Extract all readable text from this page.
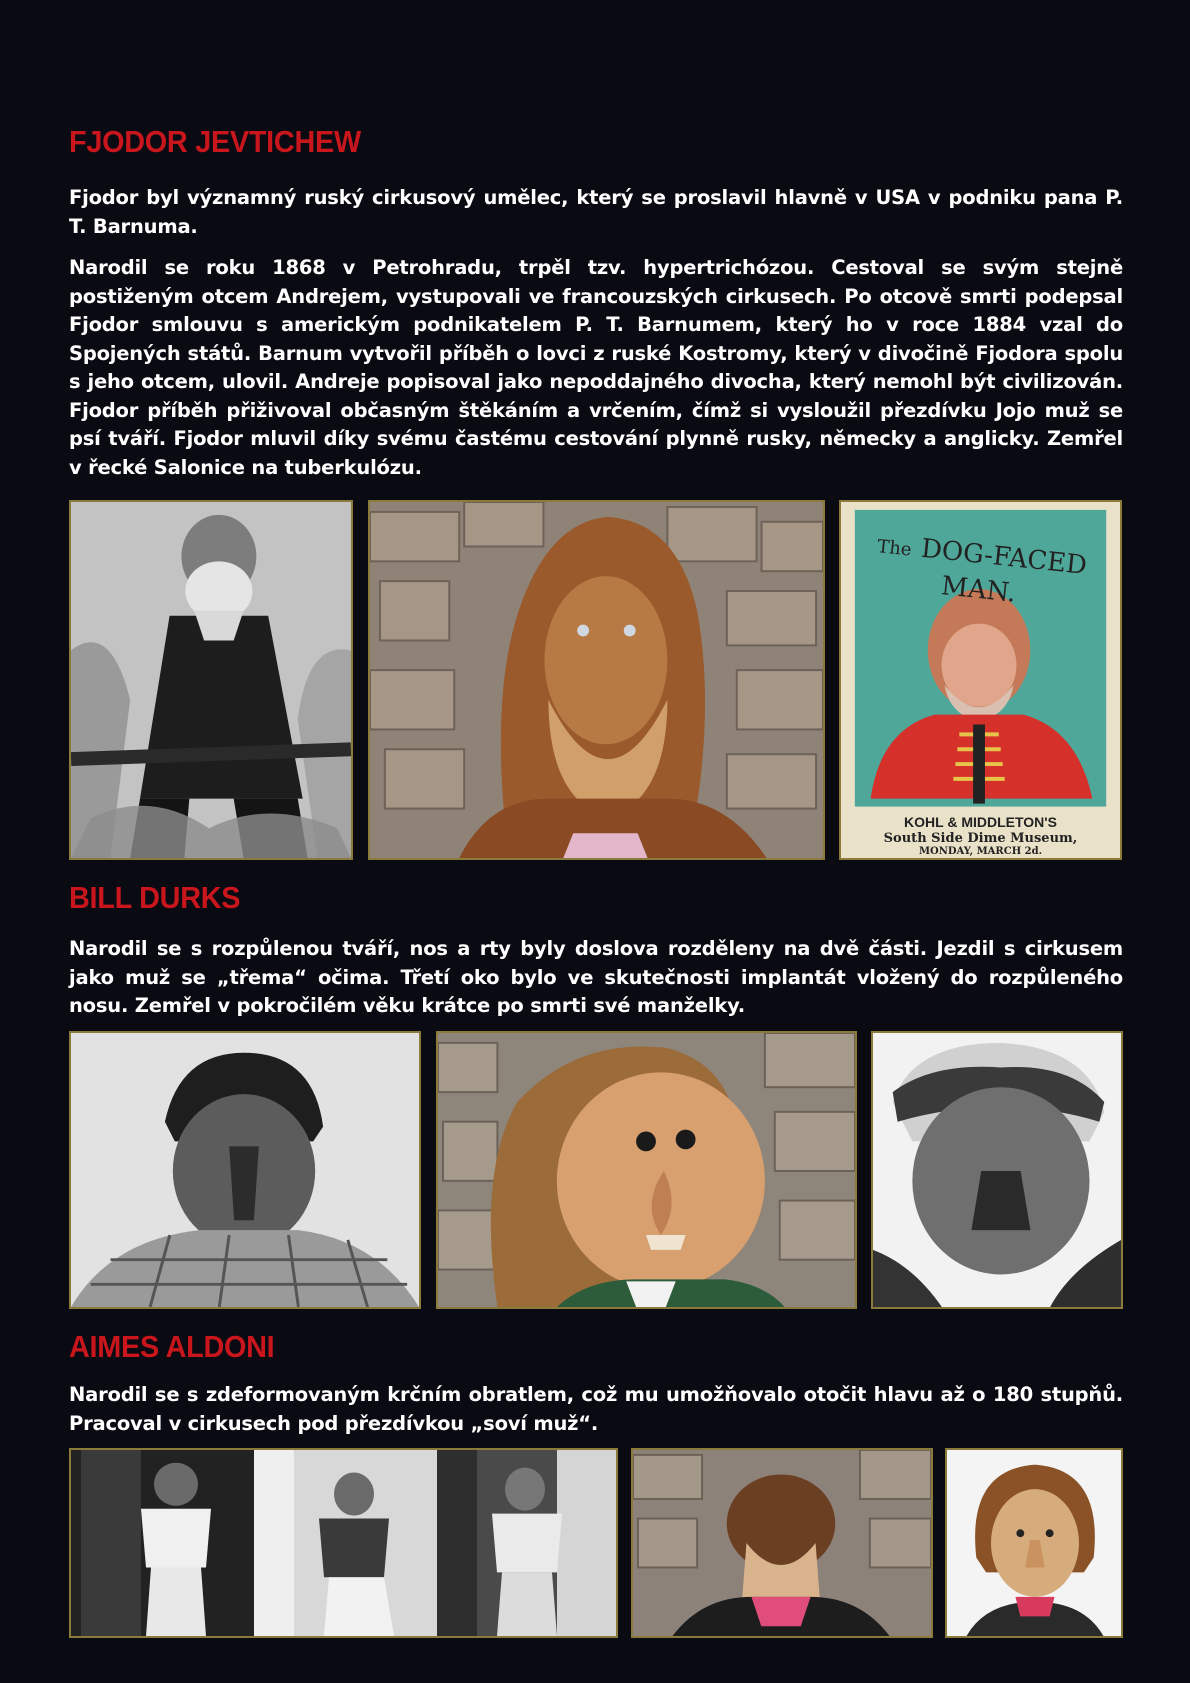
FJODOR JEVTICHEW

Fjodor byl významný ruský cirkusový umělec, který se proslavil hlavně v USA v podniku pana P. T. Barnuma.

Narodil se roku 1868 v Petrohradu, trpěl tzv. hypertrichózou. Cestoval se svým stejně postiženým otcem Andrejem, vystupovali ve francouzských cirkusech. Po otcově smrti podepsal Fjodor smlouvu s americkým podnikatelem P. T. Barnumem, který ho v roce 1884 vzal do Spojených států. Barnum vytvořil příběh o lovci z ruské Kostromy, který v divočině Fjodora spolu s jeho otcem, ulovil. Andreje popisoval jako nepoddajného divocha, který nemohl být civilizován. Fjodor příběh přiživoval občasným štěkáním a vrčením, čímž si vysloužil přezdívku Jojo muž se psí tváří. Fjodor mluvil díky svému častému cestování plynně rusky, německy a anglicky. Zemřel v řecké Salonice na tuberkulózu.

The DOG-FACED MAN.
KOHL & MIDDLETON'S
South Side Dime Museum,
MONDAY, MARCH 2d.
BILL DURKS

Narodil se s rozpůlenou tváří, nos a rty byly doslova rozděleny na dvě části. Jezdil s cirkusem jako muž se „třema“ očima. Třetí oko bylo ve skutečnosti implantát vložený do rozpůleného nosu. Zemřel v pokročilém věku krátce po smrti své manželky.

AIMES ALDONI

Narodil se s zdeformovaným krčním obratlem, což mu umožňovalo otočit hlavu až o 180 stupňů. Pracoval v cirkusech pod přezdívkou „soví muž“.
